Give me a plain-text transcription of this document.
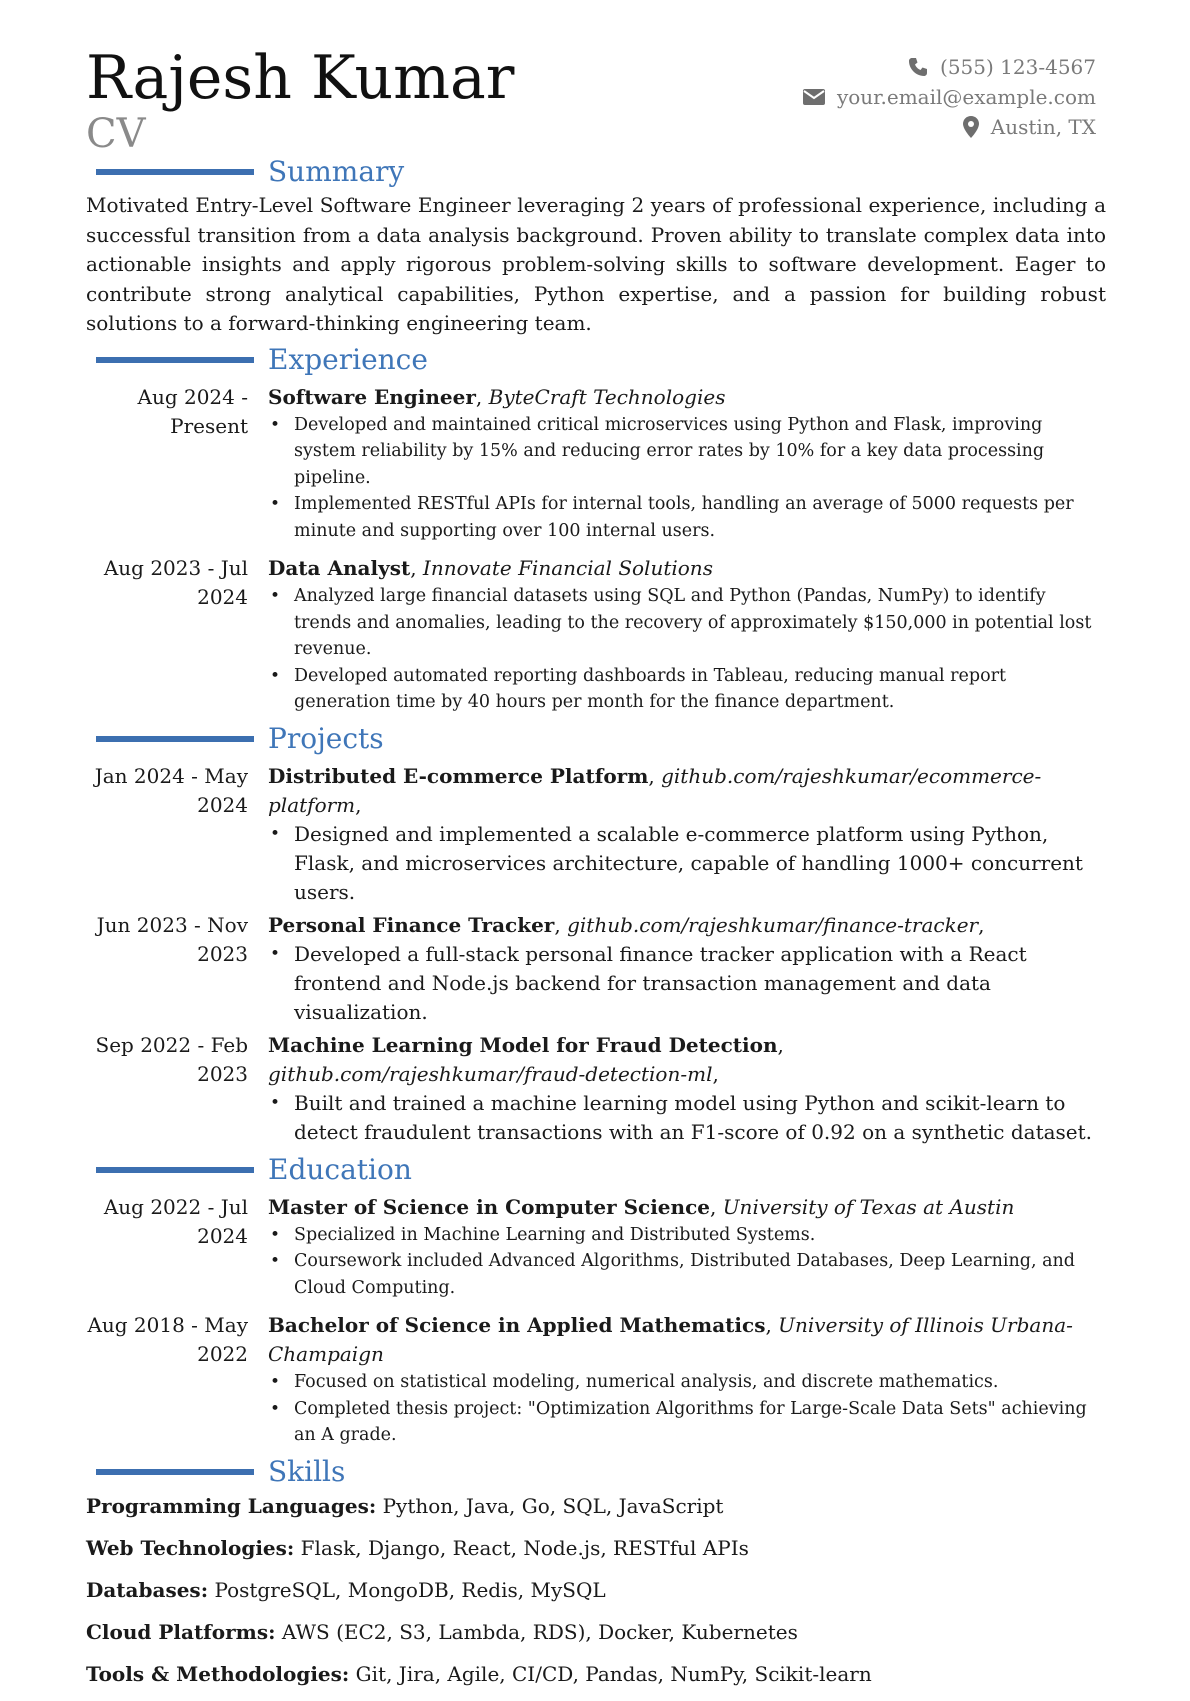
Rajesh Kumar
CV
(555) 123-4567
your.email@example.com
Austin, TX
Summary

Motivated Entry-Level Software Engineer leveraging 2 years of professional experience, including a successful transition from a data analysis background. Proven ability to translate complex data into actionable insights and apply rigorous problem-solving skills to software development. Eager to contribute strong analytical capabilities, Python expertise, and a passion for building robust solutions to a forward-thinking engineering team.

Experience
Aug 2024 - Present
Software Engineer, ByteCraft Technologies
• Developed and maintained critical microservices using Python and Flask, improving system reliability by 15% and reducing error rates by 10% for a key data processing pipeline.
• Implemented RESTful APIs for internal tools, handling an average of 5000 requests per minute and supporting over 100 internal users.
Aug 2023 - Jul 2024
Data Analyst, Innovate Financial Solutions
• Analyzed large financial datasets using SQL and Python (Pandas, NumPy) to identify trends and anomalies, leading to the recovery of approximately $150,000 in potential lost revenue.
• Developed automated reporting dashboards in Tableau, reducing manual report generation time by 40 hours per month for the finance department.
Projects
Jan 2024 - May 2024
Distributed E-commerce Platform, github.com/rajeshkumar/ecommerce-platform,
• Designed and implemented a scalable e-commerce platform using Python, Flask, and microservices architecture, capable of handling 1000+ concurrent users.
Jun 2023 - Nov 2023
Personal Finance Tracker, github.com/rajeshkumar/finance-tracker,
• Developed a full-stack personal finance tracker application with a React frontend and Node.js backend for transaction management and data visualization.
Sep 2022 - Feb 2023
Machine Learning Model for Fraud Detection, github.com/rajeshkumar/fraud-detection-ml,
• Built and trained a machine learning model using Python and scikit-learn to detect fraudulent transactions with an F1-score of 0.92 on a synthetic dataset.
Education
Aug 2022 - Jul 2024
Master of Science in Computer Science, University of Texas at Austin
• Specialized in Machine Learning and Distributed Systems.
• Coursework included Advanced Algorithms, Distributed Databases, Deep Learning, and Cloud Computing.
Aug 2018 - May 2022
Bachelor of Science in Applied Mathematics, University of Illinois Urbana-Champaign
• Focused on statistical modeling, numerical analysis, and discrete mathematics.
• Completed thesis project: "Optimization Algorithms for Large-Scale Data Sets" achieving an A grade.
Skills

Programming Languages: Python, Java, Go, SQL, JavaScript

Web Technologies: Flask, Django, React, Node.js, RESTful APIs

Databases: PostgreSQL, MongoDB, Redis, MySQL

Cloud Platforms: AWS (EC2, S3, Lambda, RDS), Docker, Kubernetes

Tools & Methodologies: Git, Jira, Agile, CI/CD, Pandas, NumPy, Scikit-learn
